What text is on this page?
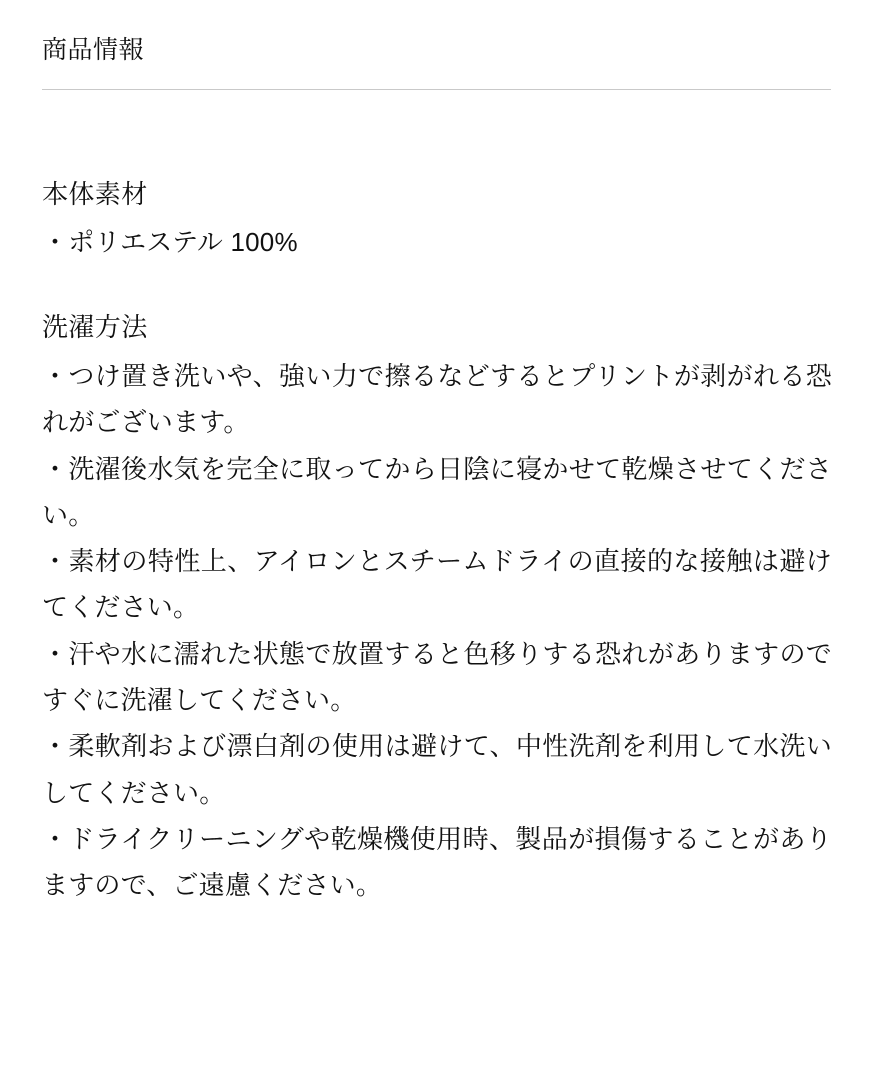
商品情報
本体素材

・ポリエステル 100%

洗濯方法

・つけ置き洗いや、強い力で擦るなどするとプリントが剥がれる恐れがございます。

・洗濯後水気を完全に取ってから日陰に寝かせて乾燥させてください。

・素材の特性上、アイロンとスチームドライの直接的な接触は避けてください。

・汗や水に濡れた状態で放置すると色移りする恐れがありますのですぐに洗濯してください。

・柔軟剤および漂白剤の使用は避けて、中性洗剤を利用して水洗いしてください。

・ドライクリーニングや乾燥機使用時、製品が損傷することがありますので、ご遠慮ください。
